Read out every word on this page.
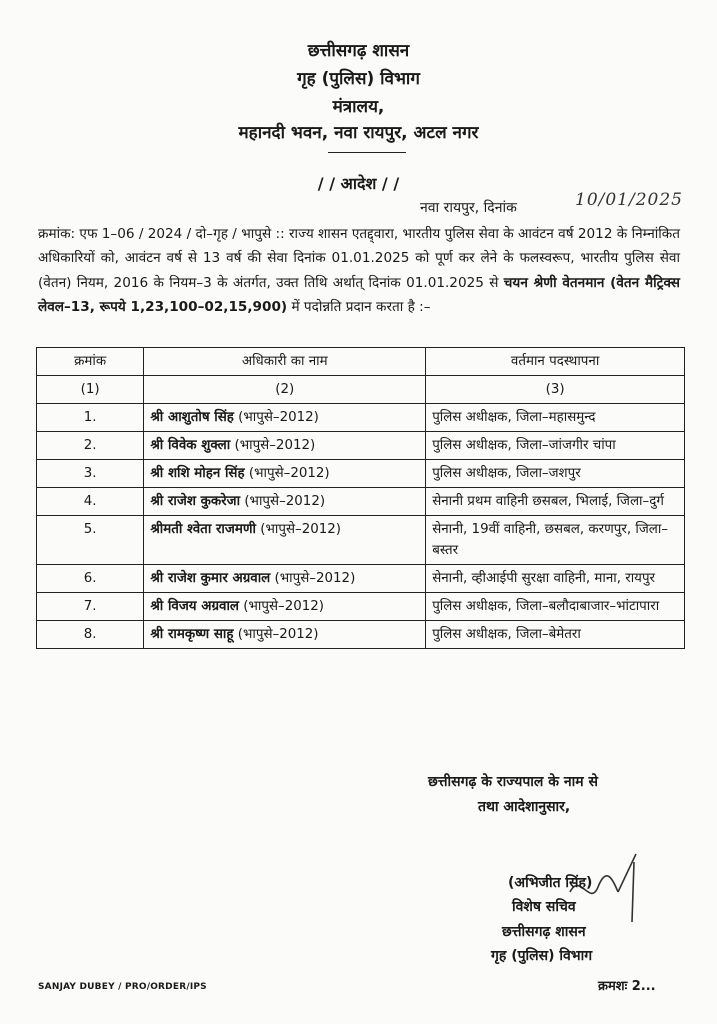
छत्तीसगढ़ शासन
गृह (पुलिस) विभाग
मंत्रालय,
महानदी भवन, नवा रायपुर, अटल नगर
/ / आदेश / /
नवा रायपुर, दिनांक	10/01/2025
क्रमांक: एफ 1–06 / 2024 / दो–गृह / भापुसे :: राज्य शासन एतद्द्वारा, भारतीय पुलिस सेवा के आवंटन वर्ष 2012 के निम्नांकित अधिकारियों को, आवंटन वर्ष से 13 वर्ष की सेवा दिनांक 01.01.2025 को पूर्ण कर लेने के फलस्वरूप, भारतीय पुलिस सेवा (वेतन) नियम, 2016 के नियम–3 के अंतर्गत, उक्त तिथि अर्थात् दिनांक 01.01.2025 से चयन श्रेणी वेतनमान (वेतन मैट्रिक्स लेवल–13, रूपये 1,23,100–02,15,900) में पदोन्नति प्रदान करता है :–
क्रमांक	अधिकारी का नाम	वर्तमान पदस्थापना
(1)	(2)	(3)
1.	श्री आशुतोष सिंह (भापुसे–2012)	पुलिस अधीक्षक, जिला–महासमुन्द
2.	श्री विवेक शुक्ला (भापुसे–2012)	पुलिस अधीक्षक, जिला–जांजगीर चांपा
3.	श्री शशि मोहन सिंह (भापुसे–2012)	पुलिस अधीक्षक, जिला–जशपुर
4.	श्री राजेश कुकरेजा (भापुसे–2012)	सेनानी प्रथम वाहिनी छसबल, भिलाई, जिला–दुर्ग
5.	श्रीमती श्वेता राजमणी (भापुसे–2012)	सेनानी, 19वीं वाहिनी, छसबल, करणपुर, जिला–बस्तर
6.	श्री राजेश कुमार अग्रवाल (भापुसे–2012)	सेनानी, व्हीआईपी सुरक्षा वाहिनी, माना, रायपुर
7.	श्री विजय अग्रवाल (भापुसे–2012)	पुलिस अधीक्षक, जिला–बलौदाबाजार–भांटापारा
8.	श्री रामकृष्ण साहू (भापुसे–2012)	पुलिस अधीक्षक, जिला–बेमेतरा
छत्तीसगढ़ के राज्यपाल के नाम से
तथा आदेशानुसार,
(अभिजीत सिंह)
विशेष सचिव
छत्तीसगढ़ शासन
गृह (पुलिस) विभाग
SANJAY DUBEY / PRO/ORDER/IPS	क्रमशः 2...
